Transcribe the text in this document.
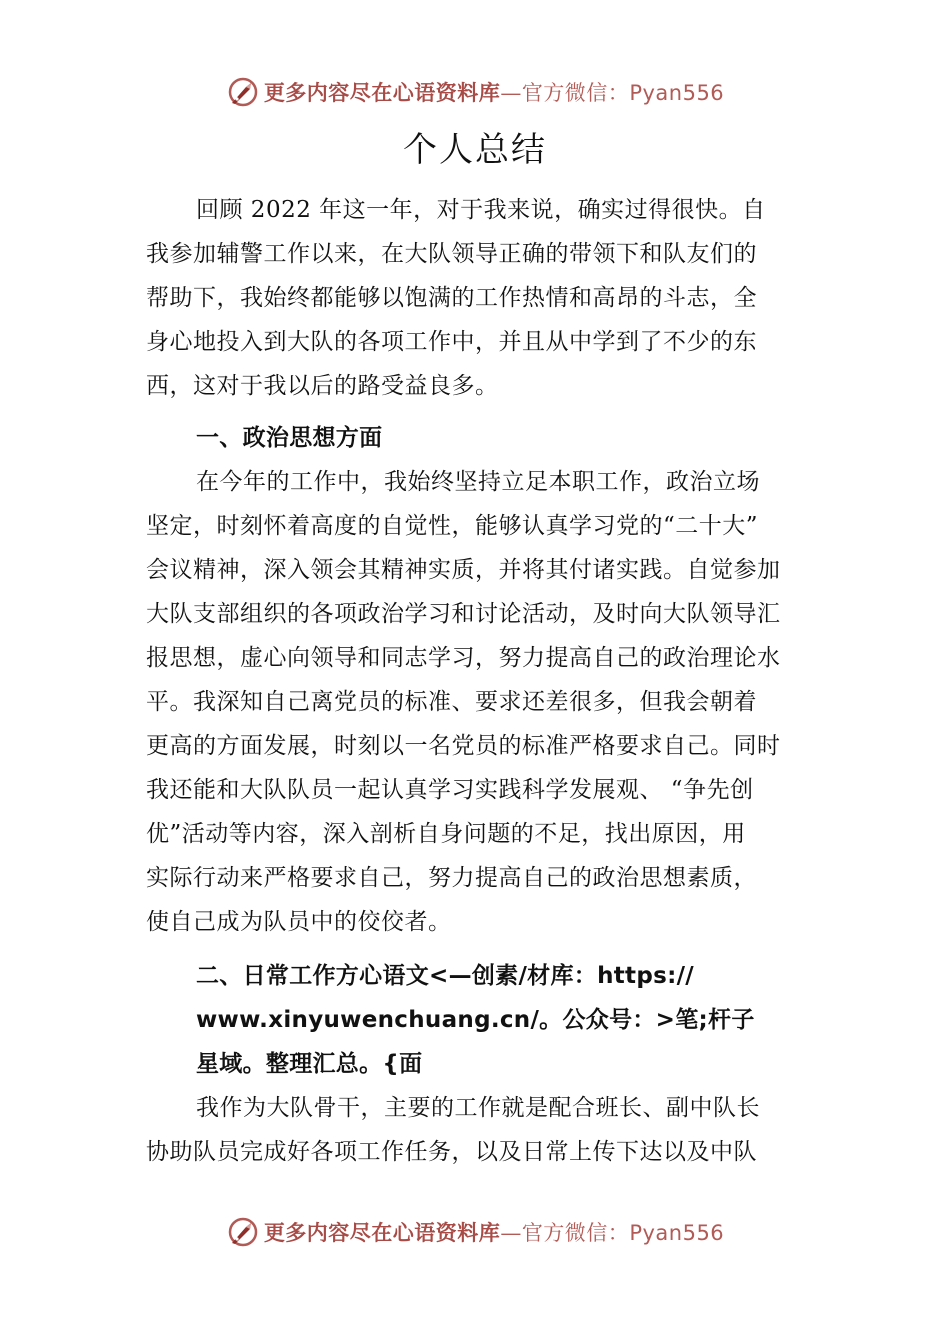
更多内容尽在心语资料库—官方微信：Pyan556
个人总结
回顾 2022 年这一年，对于我来说，确实过得很快。自
我参加辅警工作以来，在大队领导正确的带领下和队友们的
帮助下，我始终都能够以饱满的工作热情和高昂的斗志，全
身心地投入到大队的各项工作中，并且从中学到了不少的东
西，这对于我以后的路受益良多。
一、政治思想方面
在今年的工作中，我始终坚持立足本职工作，政治立场
坚定，时刻怀着高度的自觉性，能够认真学习党的“二十大”
会议精神，深入领会其精神实质，并将其付诸实践。自觉参加
大队支部组织的各项政治学习和讨论活动，及时向大队领导汇
报思想，虚心向领导和同志学习，努力提高自己的政治理论水
平。我深知自己离党员的标准、要求还差很多，但我会朝着
更高的方面发展，时刻以一名党员的标准严格要求自己。同时
我还能和大队队员一起认真学习实践科学发展观、 “争先创
优”活动等内容，深入剖析自身问题的不足，找出原因，用
实际行动来严格要求自己，努力提高自己的政治思想素质，
使自己成为队员中的佼佼者。
二、日常工作方心语文<—创素/材库：https://
www.xinyuwenchuang.cn/。公众号：>笔;杆子
星域。整理汇总。{面
我作为大队骨干，主要的工作就是配合班长、副中队长
协助队员完成好各项工作任务，以及日常上传下达以及中队
更多内容尽在心语资料库—官方微信：Pyan556
